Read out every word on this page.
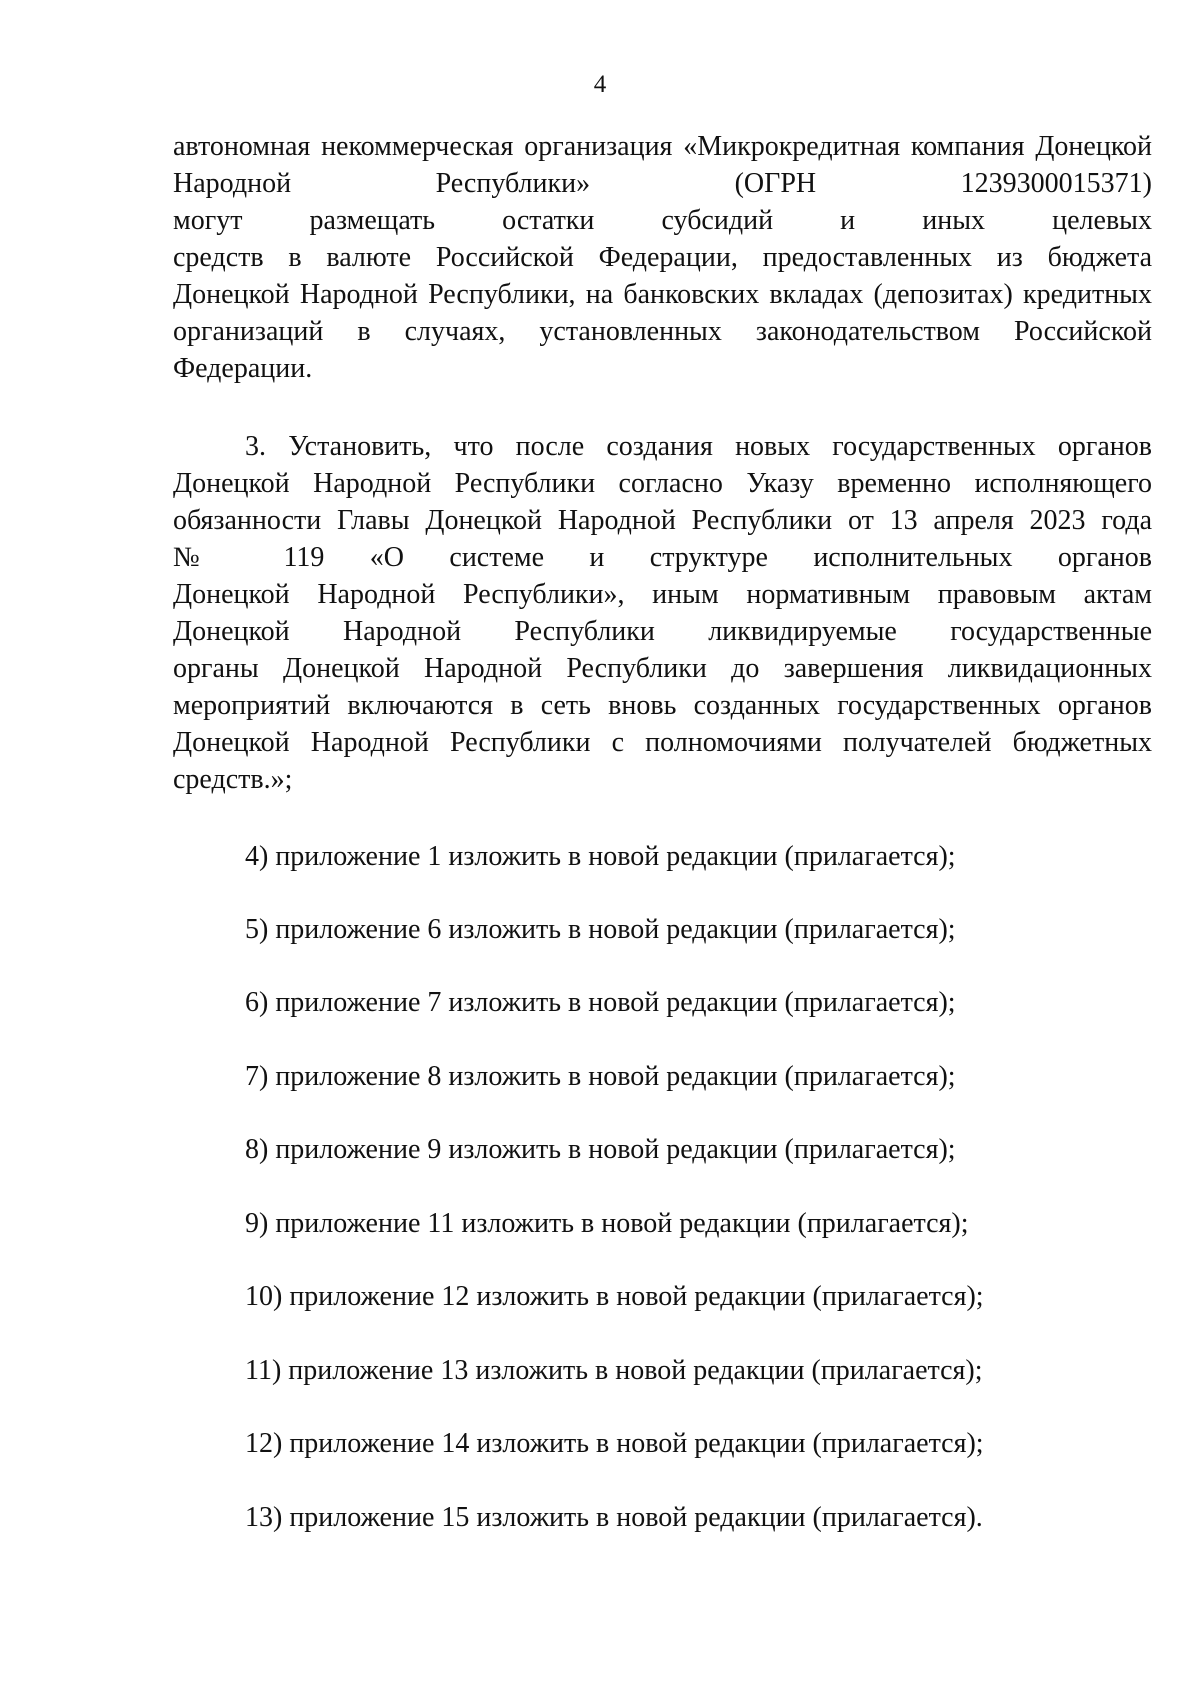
4
автономная некоммерческая организация «Микрокредитная компания Донецкой
Народной Республики» (ОГРН 1239300015371)
могут размещать остатки субсидий и иных целевых
средств в валюте Российской Федерации, предоставленных из бюджета
Донецкой Народной Республики, на банковских вкладах (депозитах) кредитных
организаций в случаях, установленных законодательством Российской
Федерации.
3. Установить, что после создания новых государственных органов
Донецкой Народной Республики согласно Указу временно исполняющего
обязанности Главы Донецкой Народной Республики от 13 апреля 2023 года
№ 119 «О системе и структуре исполнительных органов
Донецкой Народной Республики», иным нормативным правовым актам
Донецкой Народной Республики ликвидируемые государственные
органы Донецкой Народной Республики до завершения ликвидационных
мероприятий включаются в сеть вновь созданных государственных органов
Донецкой Народной Республики с полномочиями получателей бюджетных
средств.»;
4) приложение 1 изложить в новой редакции (прилагается);
5) приложение 6 изложить в новой редакции (прилагается);
6) приложение 7 изложить в новой редакции (прилагается);
7) приложение 8 изложить в новой редакции (прилагается);
8) приложение 9 изложить в новой редакции (прилагается);
9) приложение 11 изложить в новой редакции (прилагается);
10) приложение 12 изложить в новой редакции (прилагается);
11) приложение 13 изложить в новой редакции (прилагается);
12) приложение 14 изложить в новой редакции (прилагается);
13) приложение 15 изложить в новой редакции (прилагается).
